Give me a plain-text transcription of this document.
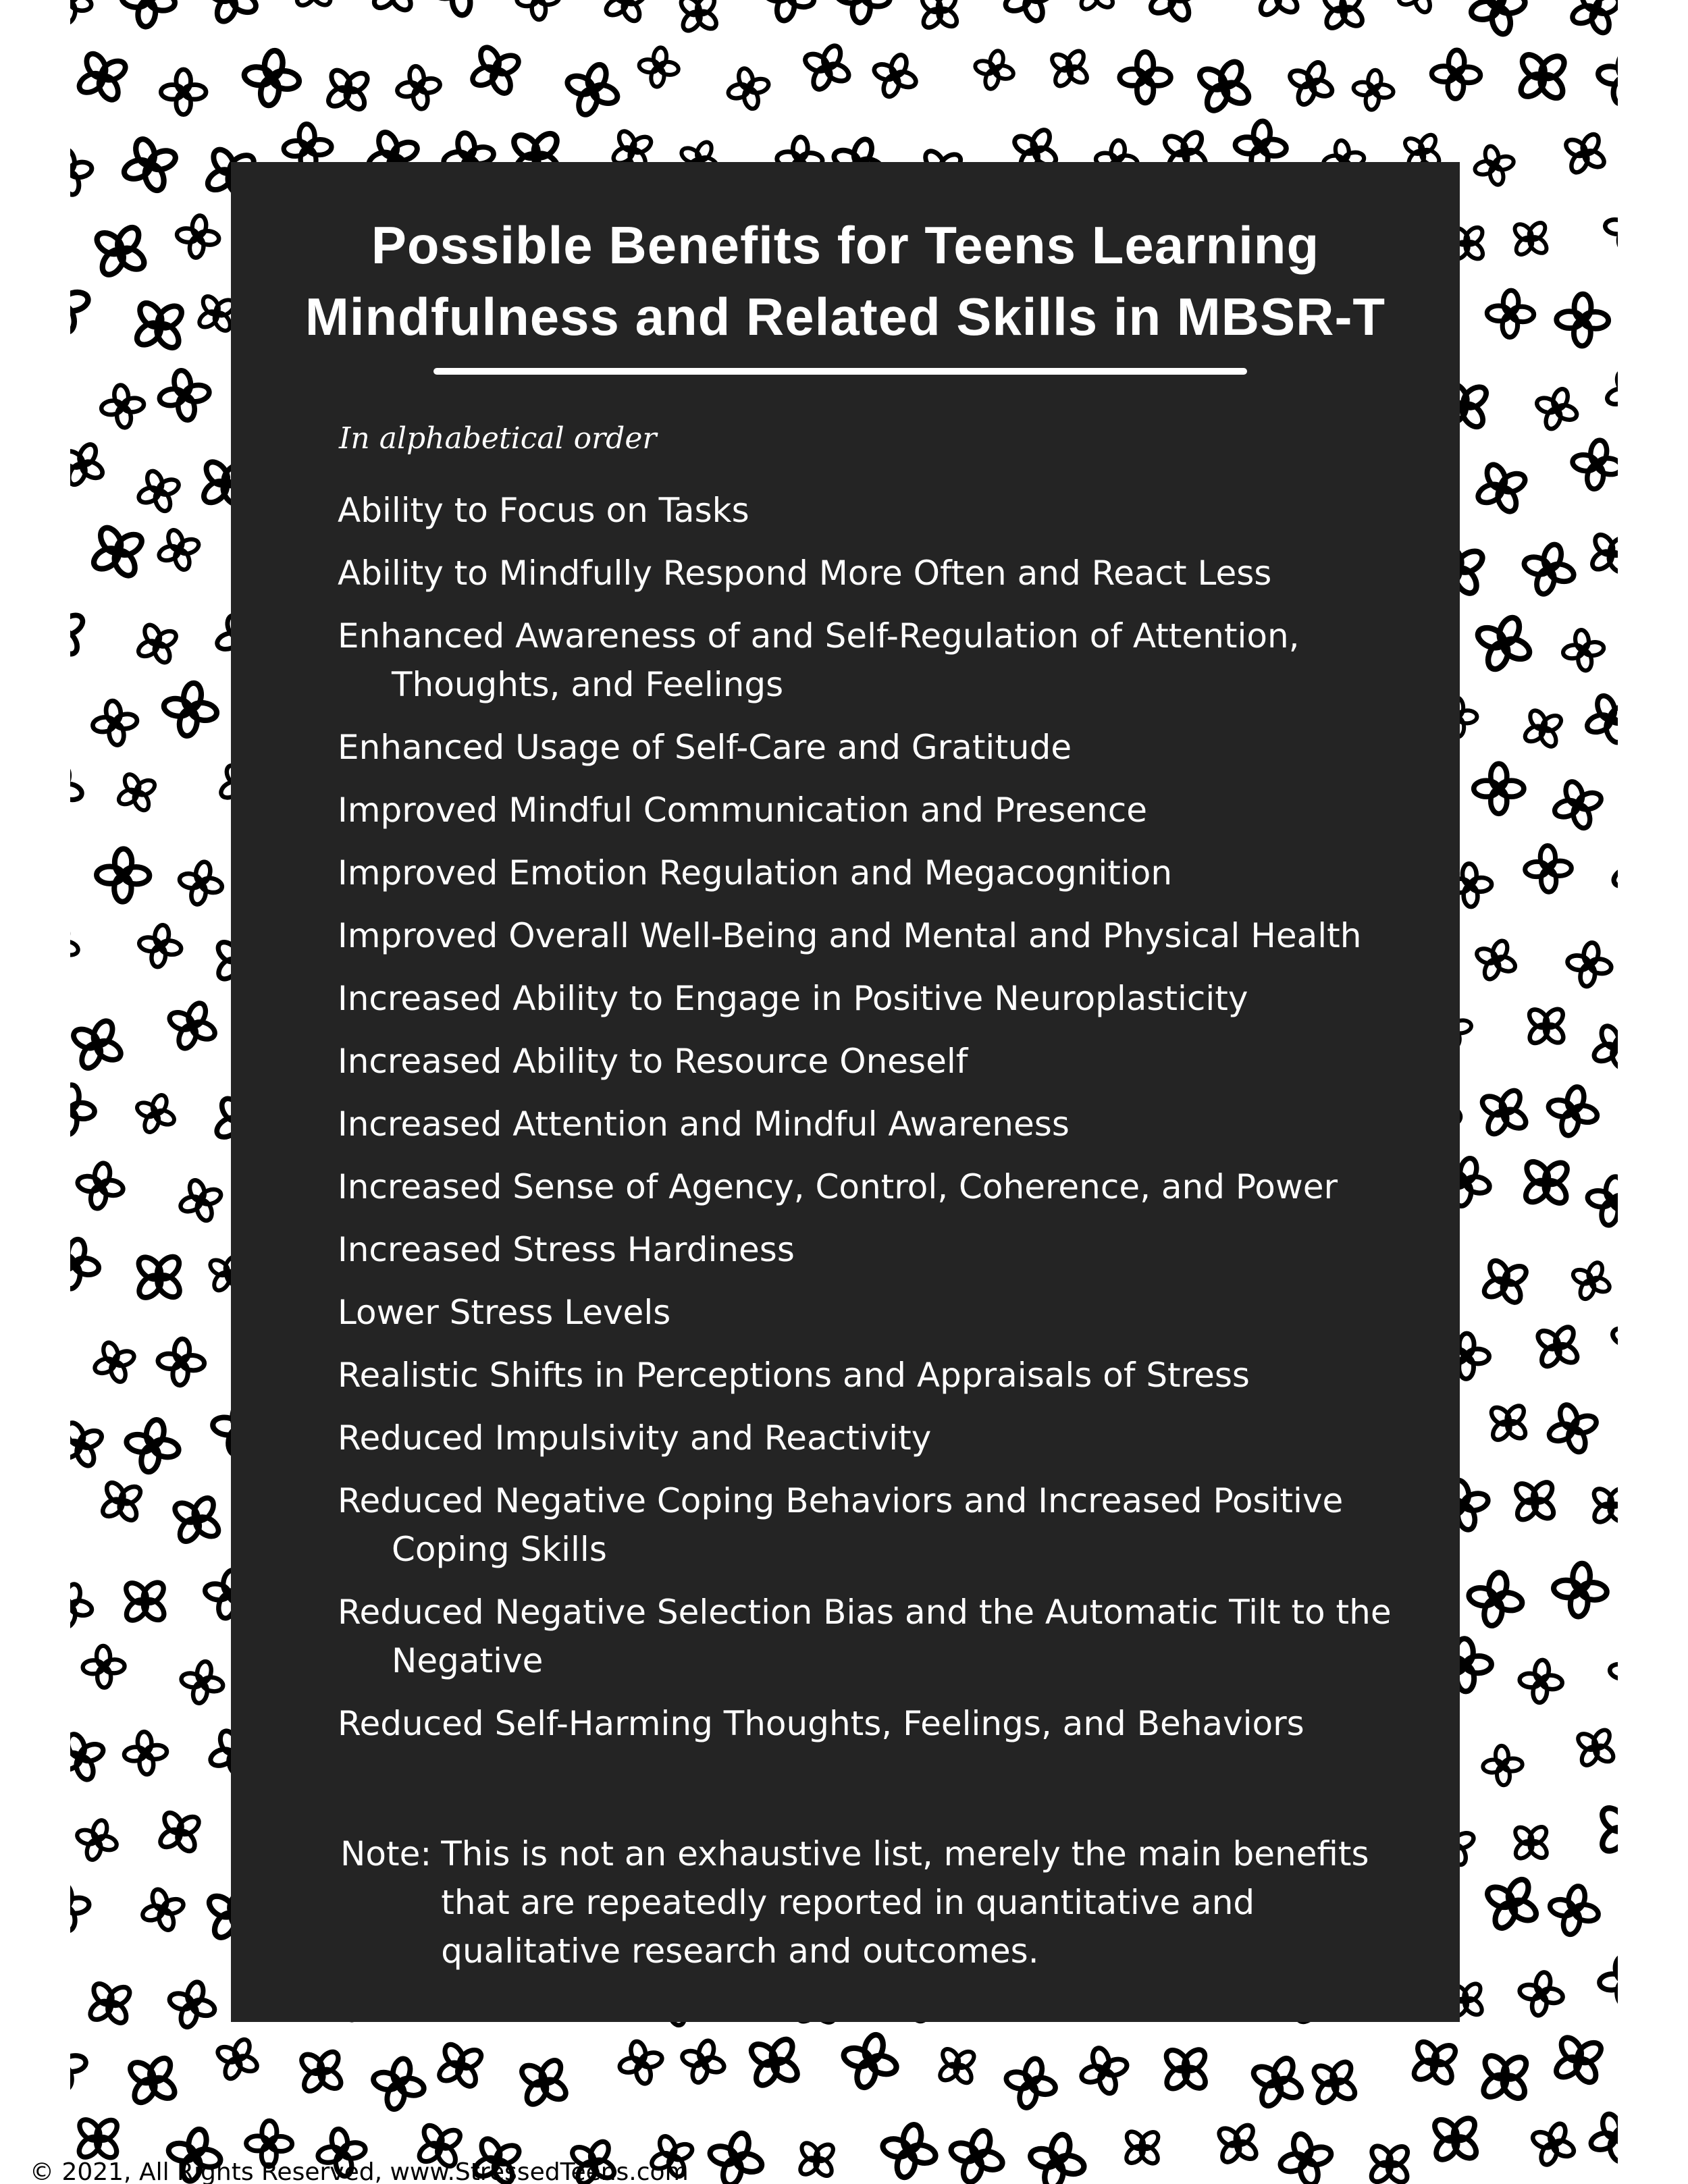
Possible Benefits for Teens Learning
Mindfulness and Related Skills in MBSR-T
In alphabetical order
Ability to Focus on Tasks
Ability to Mindfully Respond More Often and React Less
Enhanced Awareness of and Self-Regulation of Attention, Thoughts, and Feelings
Enhanced Usage of Self-Care and Gratitude
Improved Mindful Communication and Presence
Improved Emotion Regulation and Megacognition
Improved Overall Well-Being and Mental and Physical Health
Increased Ability to Engage in Positive Neuroplasticity
Increased Ability to Resource Oneself
Increased Attention and Mindful Awareness
Increased Sense of Agency, Control, Coherence, and Power
Increased Stress Hardiness
Lower Stress Levels
Realistic Shifts in Perceptions and Appraisals of Stress
Reduced Impulsivity and Reactivity
Reduced Negative Coping Behaviors and Increased Positive Coping Skills
Reduced Negative Selection Bias and the Automatic Tilt to the Negative
Reduced Self-Harming Thoughts, Feelings, and Behaviors
Note: This is not an exhaustive list, merely the main benefits that are repeatedly reported in quantitative and qualitative research and outcomes.
© 2021, All Rights Reserved, www.StressedTeens.com
